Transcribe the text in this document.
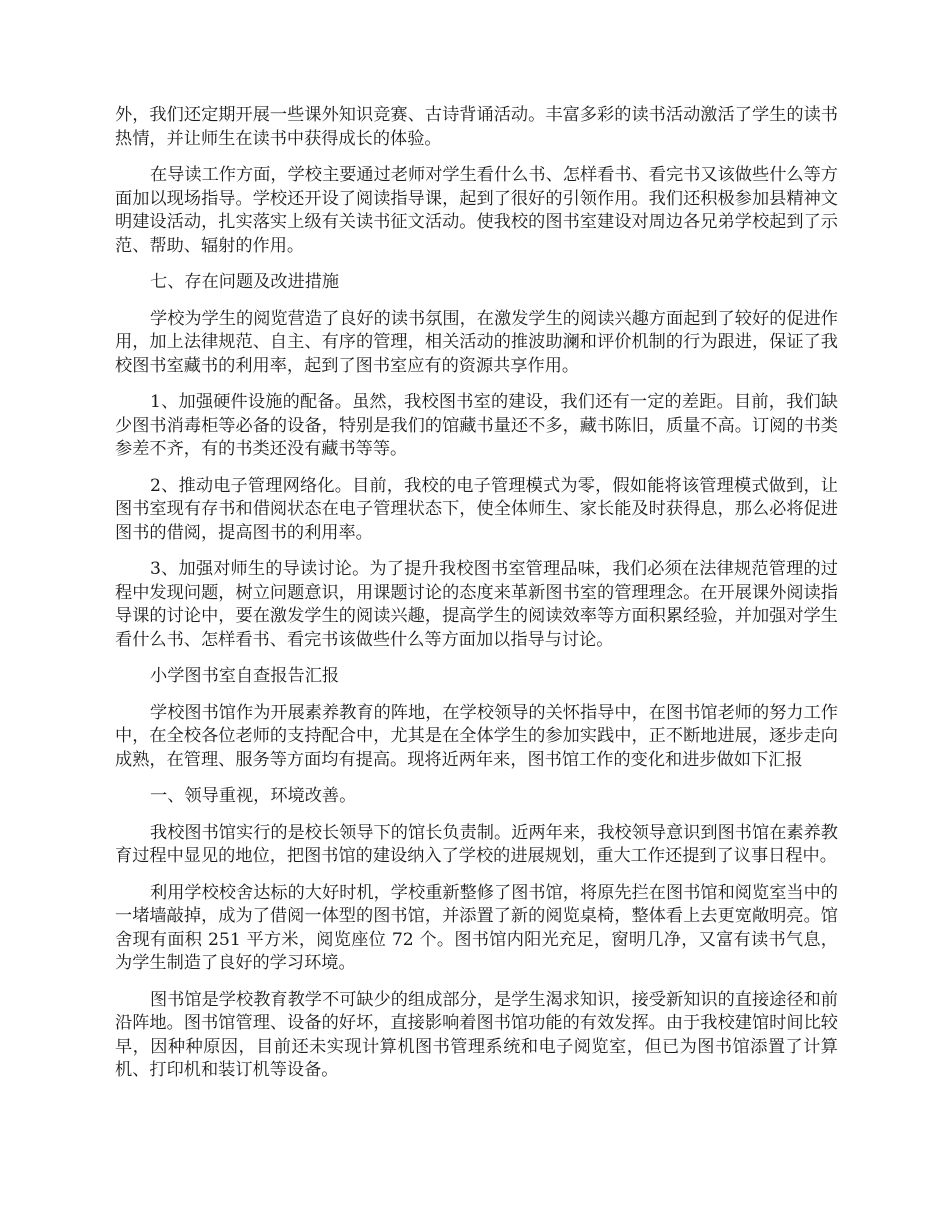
外，我们还定期开展一些课外知识竞赛、古诗背诵活动。丰富多彩的读书活动激活了学生的读书热情，并让师生在读书中获得成长的体验。

在导读工作方面，学校主要通过老师对学生看什么书、怎样看书、看完书又该做些什么等方面加以现场指导。学校还开设了阅读指导课，起到了很好的引领作用。我们还积极参加县精神文明建设活动，扎实落实上级有关读书征文活动。使我校的图书室建设对周边各兄弟学校起到了示范、帮助、辐射的作用。

七、存在问题及改进措施

学校为学生的阅览营造了良好的读书氛围，在激发学生的阅读兴趣方面起到了较好的促进作用，加上法律规范、自主、有序的管理，相关活动的推波助澜和评价机制的行为跟进，保证了我校图书室藏书的利用率，起到了图书室应有的资源共享作用。

1、加强硬件设施的配备。虽然，我校图书室的建设，我们还有一定的差距。目前，我们缺少图书消毒柜等必备的设备，特别是我们的馆藏书量还不多，藏书陈旧，质量不高。订阅的书类参差不齐，有的书类还没有藏书等等。

2、推动电子管理网络化。目前，我校的电子管理模式为零，假如能将该管理模式做到，让图书室现有存书和借阅状态在电子管理状态下，使全体师生、家长能及时获得息，那么必将促进图书的借阅，提高图书的利用率。

3、加强对师生的导读讨论。为了提升我校图书室管理品味，我们必须在法律规范管理的过程中发现问题，树立问题意识，用课题讨论的态度来革新图书室的管理理念。在开展课外阅读指导课的讨论中，要在激发学生的阅读兴趣，提高学生的阅读效率等方面积累经验，并加强对学生看什么书、怎样看书、看完书该做些什么等方面加以指导与讨论。

小学图书室自查报告汇报

学校图书馆作为开展素养教育的阵地，在学校领导的关怀指导中，在图书馆老师的努力工作中，在全校各位老师的支持配合中，尤其是在全体学生的参加实践中，正不断地进展，逐步走向成熟，在管理、服务等方面均有提高。现将近两年来，图书馆工作的变化和进步做如下汇报

一、领导重视，环境改善。

我校图书馆实行的是校长领导下的馆长负责制。近两年来，我校领导意识到图书馆在素养教育过程中显见的地位，把图书馆的建设纳入了学校的进展规划，重大工作还提到了议事日程中。

利用学校校舍达标的大好时机，学校重新整修了图书馆，将原先拦在图书馆和阅览室当中的一堵墙敲掉，成为了借阅一体型的图书馆，并添置了新的阅览桌椅，整体看上去更宽敞明亮。馆舍现有面积 251 平方米，阅览座位 72 个。图书馆内阳光充足，窗明几净，又富有读书气息，为学生制造了良好的学习环境。

图书馆是学校教育教学不可缺少的组成部分，是学生渴求知识，接受新知识的直接途径和前沿阵地。图书馆管理、设备的好坏，直接影响着图书馆功能的有效发挥。由于我校建馆时间比较早，因种种原因，目前还未实现计算机图书管理系统和电子阅览室，但已为图书馆添置了计算机、打印机和装订机等设备。
